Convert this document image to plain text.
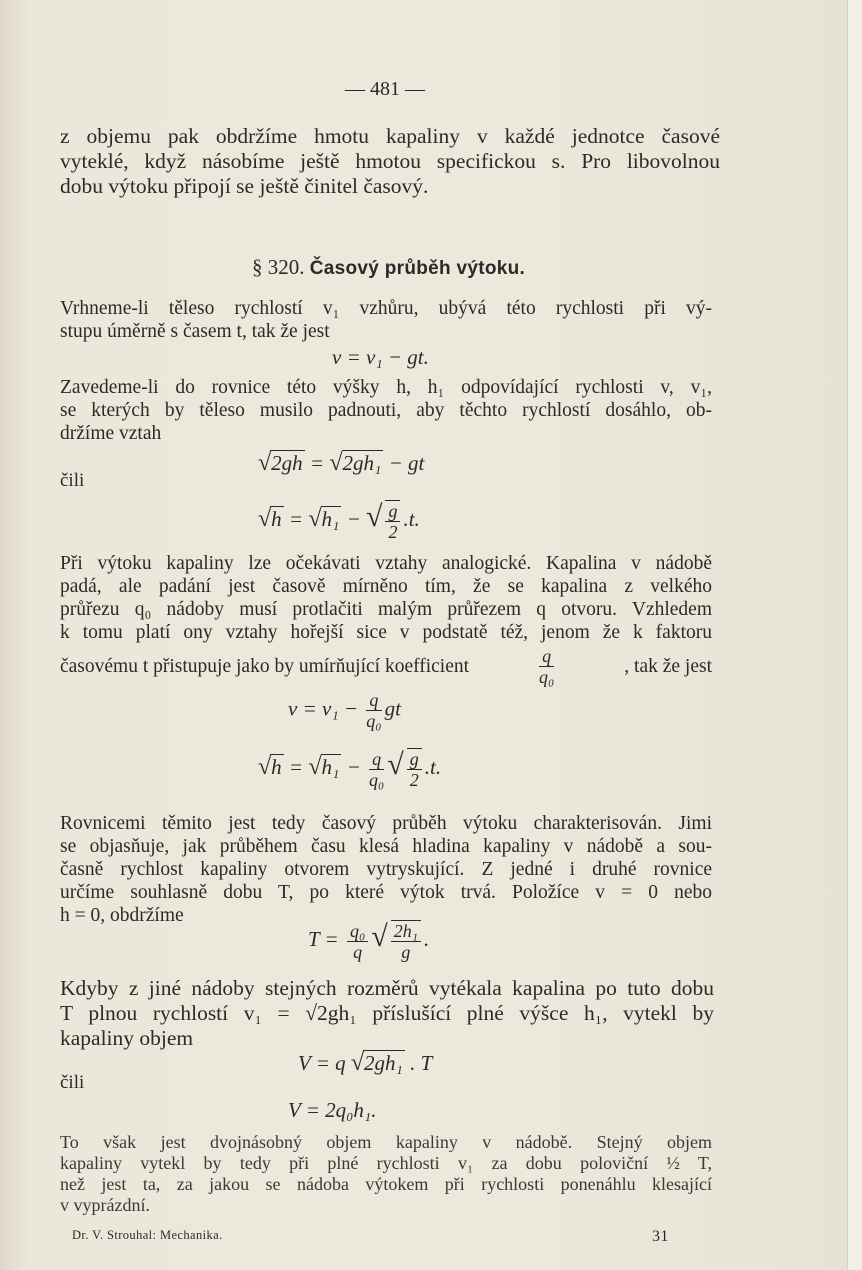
— 481 —
z objemu pak obdržíme hmotu kapaliny v každé jednotce časové
vyteklé, když násobíme ještě hmotou specifickou s. Pro libovolnou
dobu výtoku připojí se ještě činitel časový.
§ 320. Časový průběh výtoku.
Vrhneme-li těleso rychlostí v₁ vzhůru, ubývá této rychlosti při vý-
stupu úměrně s časem t, tak že jest
v = v₁ − gt.
Zavedeme-li do rovnice této výšky h, h₁ odpovídající rychlosti v, v₁,
se kterých by těleso musilo padnouti, aby těchto rychlostí dosáhlo, ob-
držíme vztah
√2gh = √2gh₁ − gt
čili
√h = √h₁ − √ $\frac{g}{2} .t$.
Při výtoku kapaliny lze očekávati vztahy analogické. Kapalina v nádobě
padá, ale padání jest časově mírněno tím, že se kapalina z velkého
průřezu q₀ nádoby musí protlačiti malým průřezem q otvoru. Vzhledem
k tomu platí ony vztahy hořejší sice v podstatě též, jenom že k faktoru
časovému t přistupuje jako by umírňující koefficient	$\frac{q}{\text{q₀}}$	, tak že jest
$v = v_1 - \frac{q}{\text{q₀}}$ gt
$√h = √h_1 - \frac{q}{\text{q₀}}$ √ $\frac{g}{2} .t$.
Rovnicemi těmito jest tedy časový průběh výtoku charakterisován. Jimi
se objasňuje, jak průběhem času klesá hladina kapaliny v nádobě a sou-
časně rychlost kapaliny otvorem vytryskující. Z jedné i druhé rovnice
určíme souhlasně dobu T, po které výtok trvá. Položíce v = 0 nebo
h = 0, obdržíme
$T = \frac{\text{q₀}}{q}$ √ $\frac{\text{2h₁}}{g}$ .
Kdyby z jiné nádoby stejných rozměrů vytékala kapalina po tuto dobu
T plnou rychlostí v₁ = √2gh₁ příslušící plné výšce h₁, vytekl by
kapaliny objem
V = q √2gh₁ . T
čili
V = 2q₀h₁.
To však jest dvojnásobný objem kapaliny v nádobě. Stejný objem
kapaliny vytekl by tedy při plné rychlosti v₁ za dobu poloviční ½ T,
než jest ta, za jakou se nádoba výtokem při rychlosti ponenáhlu klesající
v vyprázdní.
Dr. V. Strouhal: Mechanika.	31
